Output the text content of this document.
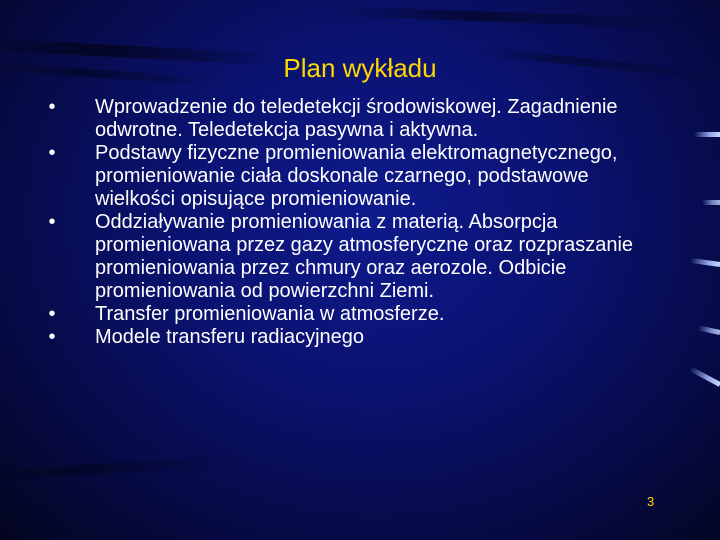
Plan wykładu
• Wprowadzenie do teledetekcji środowiskowej. Zagadnienie odwrotne. Teledetekcja pasywna i aktywna.
• Podstawy fizyczne promieniowania elektromagnetycznego, promieniowanie ciała doskonale czarnego, podstawowe wielkości opisujące promieniowanie.
• Oddziaływanie promieniowania z materią. Absorpcja promieniowana przez gazy atmosferyczne oraz rozpraszanie promieniowania przez chmury oraz aerozole. Odbicie promieniowania od powierzchni Ziemi.
• Transfer promieniowania w atmosferze.
• Modele transferu radiacyjnego
3
